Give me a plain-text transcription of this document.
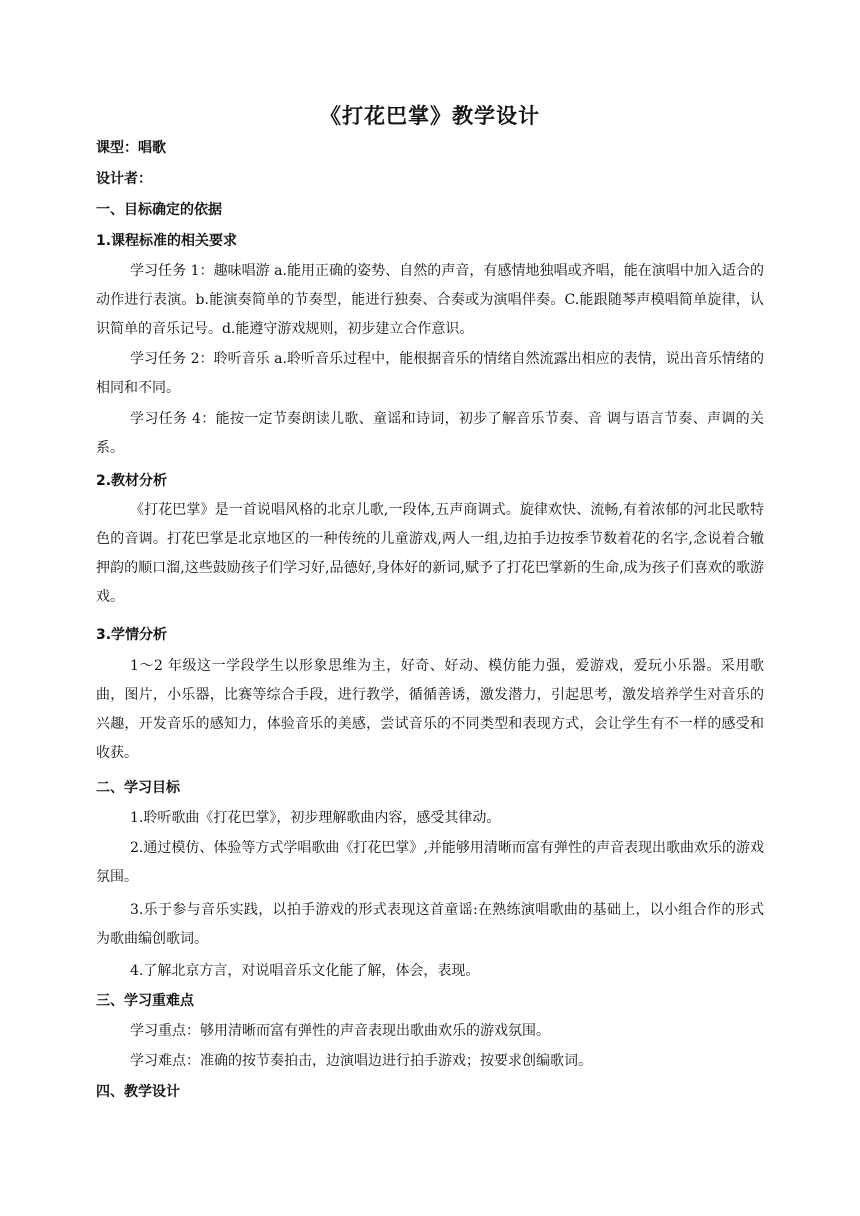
《打花巴掌》教学设计
课型：唱歌
设计者：
一、目标确定的依据
1.课程标准的相关要求
学习任务 1：趣味唱游 a.能用正确的姿势、自然的声音，有感情地独唱或齐唱，能在演唱中加入适合的动作进行表演。b.能演奏简单的节奏型，能进行独奏、合奏或为演唱伴奏。C.能跟随琴声模唱简单旋律，认识简单的音乐记号。d.能遵守游戏规则，初步建立合作意识。
学习任务 2：聆听音乐 a.聆听音乐过程中，能根据音乐的情绪自然流露出相应的表情，说出音乐情绪的相同和不同。
学习任务 4：能按一定节奏朗读儿歌、童谣和诗词，初步了解音乐节奏、音 调与语言节奏、声调的关系。
2.教材分析
《打花巴掌》是一首说唱风格的北京儿歌,一段体,五声商调式。旋律欢快、流畅,有着浓郁的河北民歌特色的音调。打花巴掌是北京地区的一种传统的儿童游戏,两人一组,边拍手边按季节数着花的名字,念说着合辙押韵的顺口溜,这些鼓励孩子们学习好,品德好,身体好的新词,赋予了打花巴掌新的生命,成为孩子们喜欢的歌游戏。
3.学情分析
1～2 年级这一学段学生以形象思维为主，好奇、好动、模仿能力强，爱游戏，爱玩小乐器。采用歌曲，图片，小乐器，比赛等综合手段，进行教学，循循善诱，激发潜力，引起思考，激发培养学生对音乐的兴趣，开发音乐的感知力，体验音乐的美感，尝试音乐的不同类型和表现方式，会让学生有不一样的感受和收获。
二、学习目标
1.聆听歌曲《打花巴掌》，初步理解歌曲内容，感受其律动。
2.通过模仿、体验等方式学唱歌曲《打花巴掌》,并能够用清晰而富有弹性的声音表现出歌曲欢乐的游戏氛围。
3.乐于参与音乐实践，以拍手游戏的形式表现这首童谣:在熟练演唱歌曲的基础上，以小组合作的形式为歌曲编创歌词。
4.了解北京方言，对说唱音乐文化能了解，体会，表现。
三、学习重难点
学习重点：够用清晰而富有弹性的声音表现出歌曲欢乐的游戏氛围。
学习难点：准确的按节奏拍击，边演唱边进行拍手游戏；按要求创编歌词。
四、教学设计
